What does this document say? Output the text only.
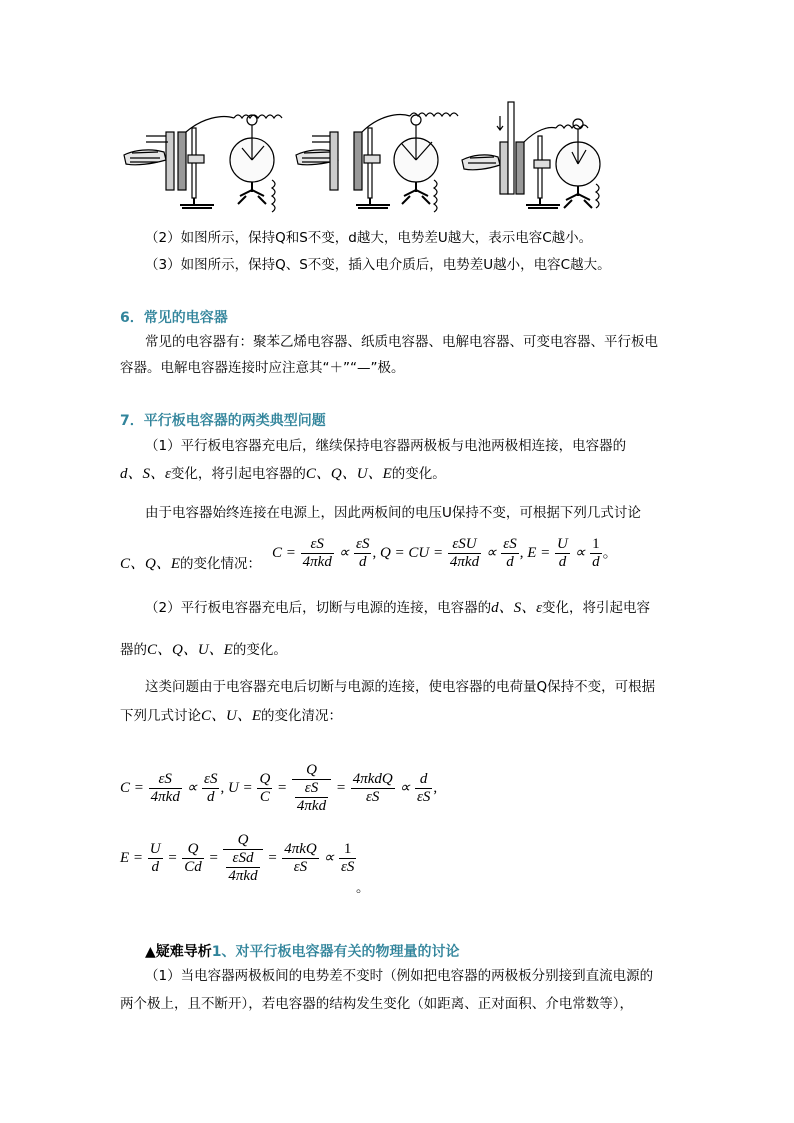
（2）如图所示，保持Q和S不变，d越大，电势差U越大，表示电容C越小。
（3）如图所示，保持Q、S不变，插入电介质后，电势差U越小，电容C越大。
6．常见的电容器
常见的电容器有：聚苯乙烯电容器、纸质电容器、电解电容器、可变电容器、平行板电
容器。电解电容器连接时应注意其“＋”“—”极。
7．平行板电容器的两类典型问题
（1）平行板电容器充电后，继续保持电容器两极板与电池两极相连接，电容器的
d、S、ε变化，将引起电容器的C、Q、U、E的变化。
由于电容器始终连接在电源上，因此两板间的电压U保持不变，可根据下列几式讨论
C、Q、E的变化情况：
$C = \frac{\varepsilon S}{\text{4πkd}} \propto \frac{\varepsilon S}{d}$ , Q = CU = $\frac{\text{εSU}}{\text{4πkd}} \propto \frac{\varepsilon S}{d}$ , $E = \frac{U}{d} \propto \frac{1}{d}$ 。
（2）平行板电容器充电后，切断与电源的连接，电容器的d、S、ε变化，将引起电容
器的C、Q、U、E的变化。
这类问题由于电容器充电后切断与电源的连接，使电容器的电荷量Q保持不变，可根据
下列几式讨论C、U、E的变化清况：
$C = \frac{\varepsilon S}{\text{4πkd}} \propto \frac{\varepsilon S}{d}$ , $U = \frac{Q}{C} = \frac{Q}{\frac{\varepsilon S}{\text{4πkd}}} = \frac{\text{4πkdQ}}{\varepsilon S} \propto \frac{d}{\varepsilon S}$ ,
$E = \frac{U}{d} = \frac{Q}{Cd} = \frac{Q}{\frac{\text{εSd}}{\text{4πkd}}} = \frac{\text{4πkQ}}{\varepsilon S} \propto \frac{1}{\varepsilon S}$
。
▲疑难导析1、对平行板电容器有关的物理量的讨论
（1）当电容器两极板间的电势差不变时（例如把电容器的两极板分别接到直流电源的
两个极上，且不断开），若电容器的结构发生变化（如距离、正对面积、介电常数等），
